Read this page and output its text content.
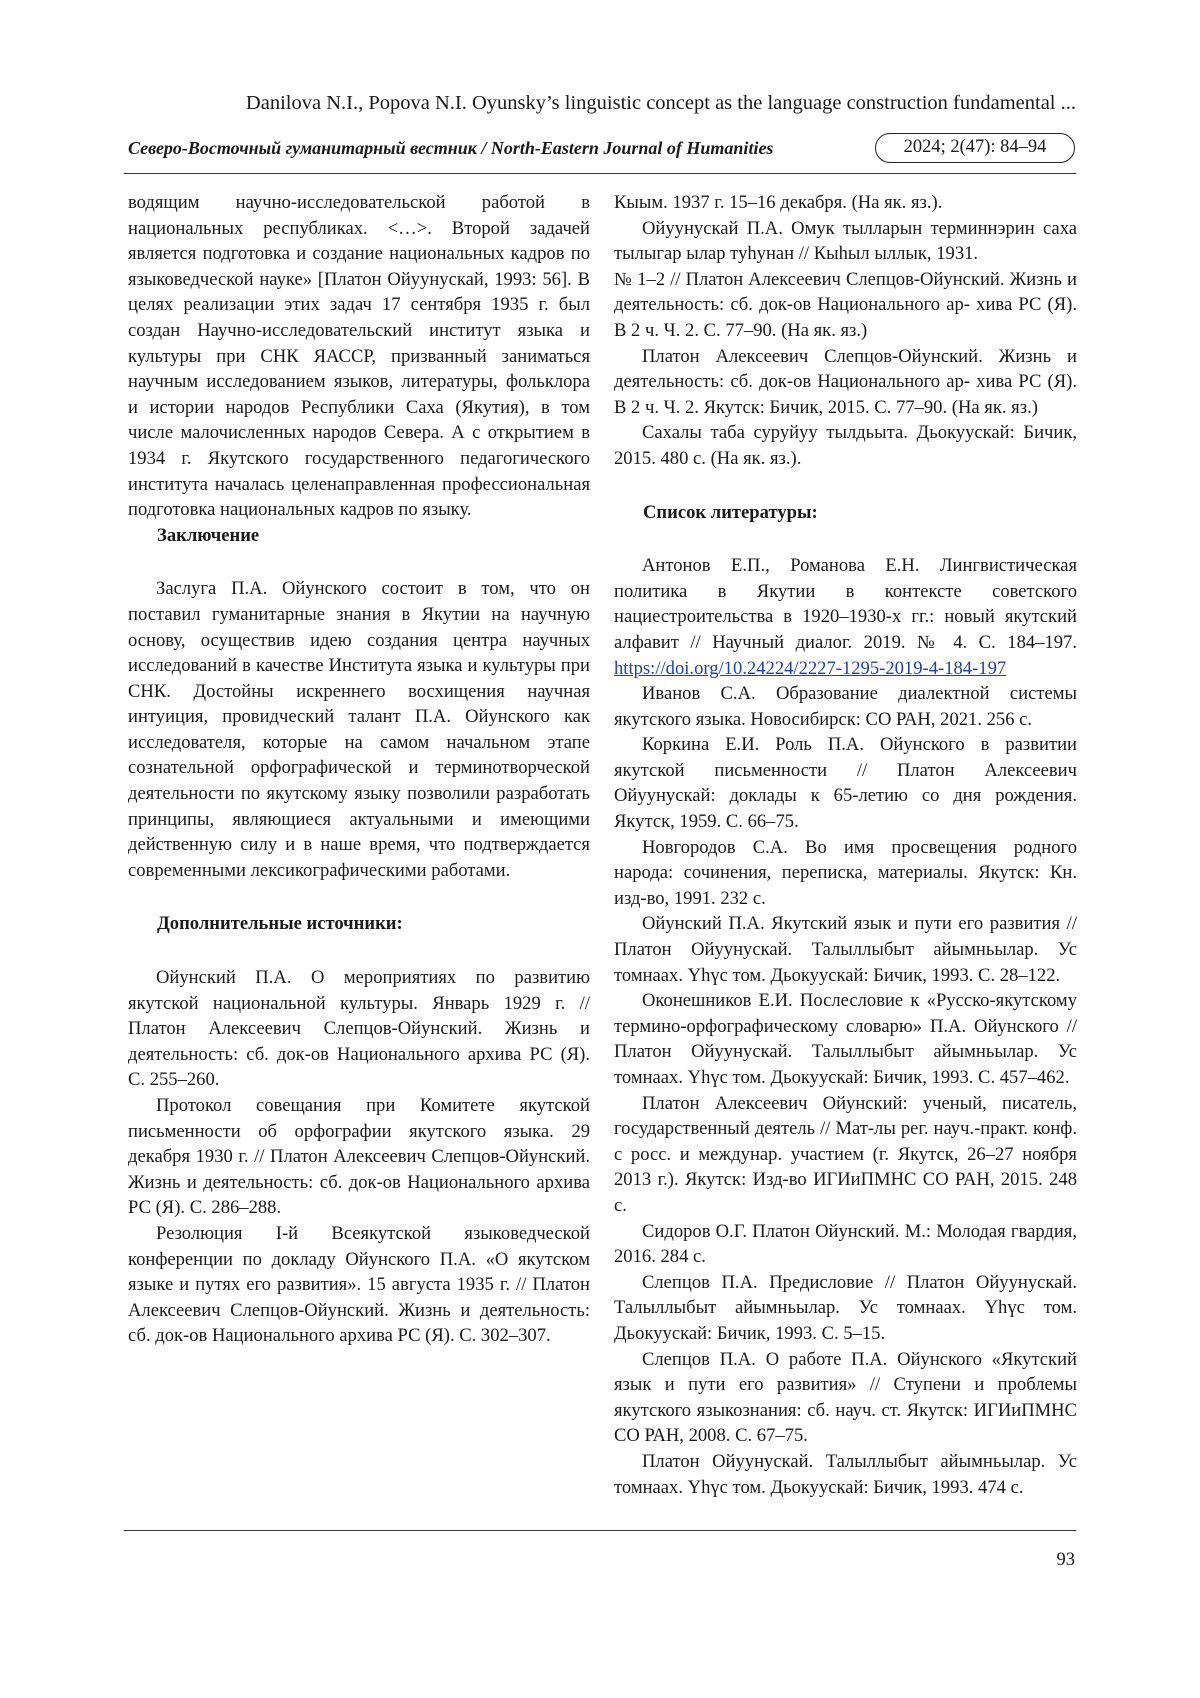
Danilova N.I., Popova N.I. Oyunsky’s linguistic concept as the language construction fundamental ...
Северо-Восточный гуманитарный вестник / North-Eastern Journal of Humanities	2024; 2(47): 84–94

водящим научно-исследовательской работой в национальных республиках. <…>. Второй задачей является подготовка и создание национальных кадров по языковедческой науке» [Платон Ойуунускай, 1993: 56]. В целях реализации этих задач 17 сентября 1935 г. был создан Научно-исследовательский институт языка и культуры при СНК ЯАССР, призванный заниматься научным исследованием языков, литературы, фольклора и истории народов Республики Саха (Якутия), в том числе малочисленных народов Севера. А с открытием в 1934 г. Якутского государственного педагогического института началась целенаправленная профессиональная подготовка национальных кадров по языку.

Заключение

Заслуга П.А. Ойунского состоит в том, что он поставил гуманитарные знания в Якутии на научную основу, осуществив идею создания центра научных исследований в качестве Института языка и культуры при СНК. Достойны искреннего восхищения научная интуиция, провидческий талант П.А. Ойунского как исследователя, которые на самом начальном этапе сознательной орфографической и терминотворческой деятельности по якутскому языку позволили разработать принципы, являющиеся актуальными и имеющими действенную силу и в наше время, что подтверждается современными лексикографическими работами.

Дополнительные источники:

Ойунский П.А. О мероприятиях по развитию якутской национальной культуры. Январь 1929 г. // Платон Алексеевич Слепцов-Ойунский. Жизнь и деятельность: сб. док-ов Национального архива РС (Я). С. 255–260.

Протокол совещания при Комитете якутской письменности об орфографии якутского языка. 29 декабря 1930 г. // Платон Алексеевич Слепцов-Ойунский. Жизнь и деятельность: сб. док-ов Национального архива РС (Я). С. 286–288.

Резолюция I-й Всеякутской языковедческой конференции по докладу Ойунского П.А. «О якутском языке и путях его развития». 15 августа 1935 г. // Платон Алексеевич Слепцов-Ойунский. Жизнь и деятельность: сб. док-ов Национального архива РС (Я). С. 302–307.

Кыым. 1937 г. 15–16 декабря. (На як. яз.).

Ойуунускай П.А. Омук тылларын терминнэрин саха тылыгар ылар туһунан // Кыһыл ыллык, 1931.

№ 1–2 // Платон Алексеевич Слепцов-Ойунский. Жизнь и деятельность: сб. док-ов Национального ар- хива РС (Я). В 2 ч. Ч. 2. С. 77–90. (На як. яз.)

Платон Алексеевич Слепцов-Ойунский. Жизнь и деятельность: сб. док-ов Национального ар- хива РС (Я). В 2 ч. Ч. 2. Якутск: Бичик, 2015. С. 77–90. (На як. яз.)

Сахалы таба суруйуу тылдьыта. Дьокуускай: Бичик, 2015. 480 с. (На як. яз.).

Список литературы:

Антонов Е.П., Романова Е.Н. Лингвистическая политика в Якутии в контексте советского нациестроительства в 1920–1930-х гг.: новый якутский алфавит // Научный диалог. 2019. № 4. С. 184–197. https://doi.org/10.24224/2227-1295-2019-4-184-197

Иванов С.А. Образование диалектной системы якутского языка. Новосибирск: СО РАН, 2021. 256 с.

Коркина Е.И. Роль П.А. Ойунского в развитии якутской письменности // Платон Алексеевич Ойуунускай: доклады к 65-летию со дня рождения. Якутск, 1959. С. 66–75.

Новгородов С.А. Во имя просвещения родного народа: сочинения, переписка, материалы. Якутск: Кн. изд-во, 1991. 232 с.

Ойунский П.А. Якутский язык и пути его развития // Платон Ойуунускай. Талыллыбыт айымньылар. Ус томнаах. Үһүс том. Дьокуускай: Бичик, 1993. С. 28–122.

Оконешников Е.И. Послесловие к «Русско-якутскому термино-орфографическому словарю» П.А. Ойунского // Платон Ойуунускай. Талыллыбыт айымньылар. Ус томнаах. Үһүс том. Дьокуускай: Бичик, 1993. С. 457–462.

Платон Алексеевич Ойунский: ученый, писатель, государственный деятель // Мат-лы рег. науч.-практ. конф. с росс. и междунар. участием (г. Якутск, 26–27 ноября 2013 г.). Якутск: Изд-во ИГИиПМНС СО РАН, 2015. 248 с.

Сидоров О.Г. Платон Ойунский. М.: Молодая гвардия, 2016. 284 с.

Слепцов П.А. Предисловие // Платон Ойуунускай. Талыллыбыт айымньылар. Ус томнаах. Үһүс том. Дьокуускай: Бичик, 1993. С. 5–15.

Слепцов П.А. О работе П.А. Ойунского «Якутский язык и пути его развития» // Ступени и проблемы якутского языкознания: сб. науч. ст. Якутск: ИГИиПМНС СО РАН, 2008. С. 67–75.

Платон Ойуунускай. Талыллыбыт айымньылар. Ус томнаах. Үһүс том. Дьокуускай: Бичик, 1993. 474 с.

93
